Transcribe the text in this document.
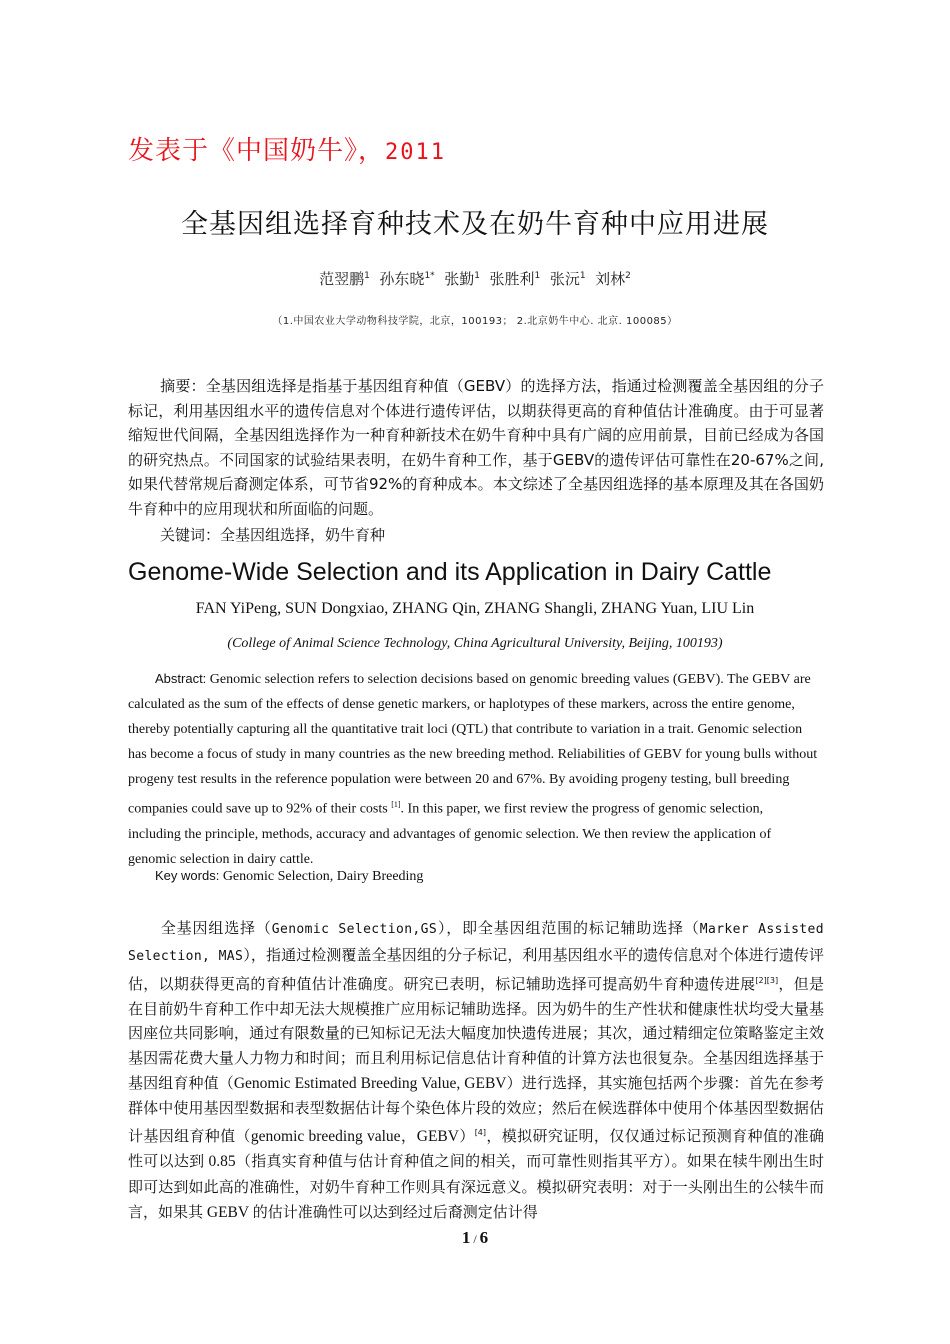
发表于《中国奶牛》，2011
全基因组选择育种技术及在奶牛育种中应用进展
范翌鹏$^1$ 孙东晓$^{1*}$ 张勤$^1$ 张胜利$^1$ 张沅$^1$ 刘林$^2$
（1.中国农业大学动物科技学院，北京，100193； 2.北京奶牛中心. 北京. 100085）
摘要：全基因组选择是指基于基因组育种值（GEBV）的选择方法，指通过检测覆盖全基因组的分子标记，利用基因组水平的遗传信息对个体进行遗传评估，以期获得更高的育种值估计准确度。由于可显著缩短世代间隔，全基因组选择作为一种育种新技术在奶牛育种中具有广阔的应用前景，目前已经成为各国的研究热点。不同国家的试验结果表明，在奶牛育种工作，基于GEBV的遗传评估可靠性在20-67%之间,如果代替常规后裔测定体系，可节省92%的育种成本。本文综述了全基因组选择的基本原理及其在各国奶牛育种中的应用现状和所面临的问题。
关键词：全基因组选择，奶牛育种
Genome-Wide Selection and its Application in Dairy Cattle
FAN YiPeng, SUN Dongxiao, ZHANG Qin, ZHANG Shangli, ZHANG Yuan, LIU Lin
(College of Animal Science Technology, China Agricultural University, Beijing, 100193)
Abstract: Genomic selection refers to selection decisions based on genomic breeding values (GEBV). The GEBV are calculated as the sum of the effects of dense genetic markers, or haplotypes of these markers, across the entire genome, thereby potentially capturing all the quantitative trait loci (QTL) that contribute to variation in a trait. Genomic selection has become a focus of study in many countries as the new breeding method. Reliabilities of GEBV for young bulls without progeny test results in the reference population were between 20 and 67%. By avoiding progeny testing, bull breeding companies could save up to 92% of their costs [1]. In this paper, we first review the progress of genomic selection, including the principle, methods, accuracy and advantages of genomic selection. We then review the application of genomic selection in dairy cattle.
Key words: Genomic Selection, Dairy Breeding
全基因组选择（Genomic Selection,GS），即全基因组范围的标记辅助选择（Marker Assisted Selection, MAS），指通过检测覆盖全基因组的分子标记，利用基因组水平的遗传信息对个体进行遗传评估，以期获得更高的育种值估计准确度。研究已表明，标记辅助选择可提高奶牛育种遗传进展[2][3]，但是在目前奶牛育种工作中却无法大规模推广应用标记辅助选择。因为奶牛的生产性状和健康性状均受大量基因座位共同影响，通过有限数量的已知标记无法大幅度加快遗传进展；其次，通过精细定位策略鉴定主效基因需花费大量人力物力和时间；而且利用标记信息估计育种值的计算方法也很复杂。全基因组选择基于基因组育种值（Genomic Estimated Breeding Value, GEBV）进行选择，其实施包括两个步骤：首先在参考群体中使用基因型数据和表型数据估计每个染色体片段的效应；然后在候选群体中使用个体基因型数据估计基因组育种值（genomic breeding value，GEBV）[4]，模拟研究证明，仅仅通过标记预测育种值的准确性可以达到 0.85（指真实育种值与估计育种值之间的相关，而可靠性则指其平方）。如果在犊牛刚出生时即可达到如此高的准确性，对奶牛育种工作则具有深远意义。模拟研究表明：对于一头刚出生的公犊牛而言，如果其 GEBV 的估计准确性可以达到经过后裔测定估计得
1 / 6
